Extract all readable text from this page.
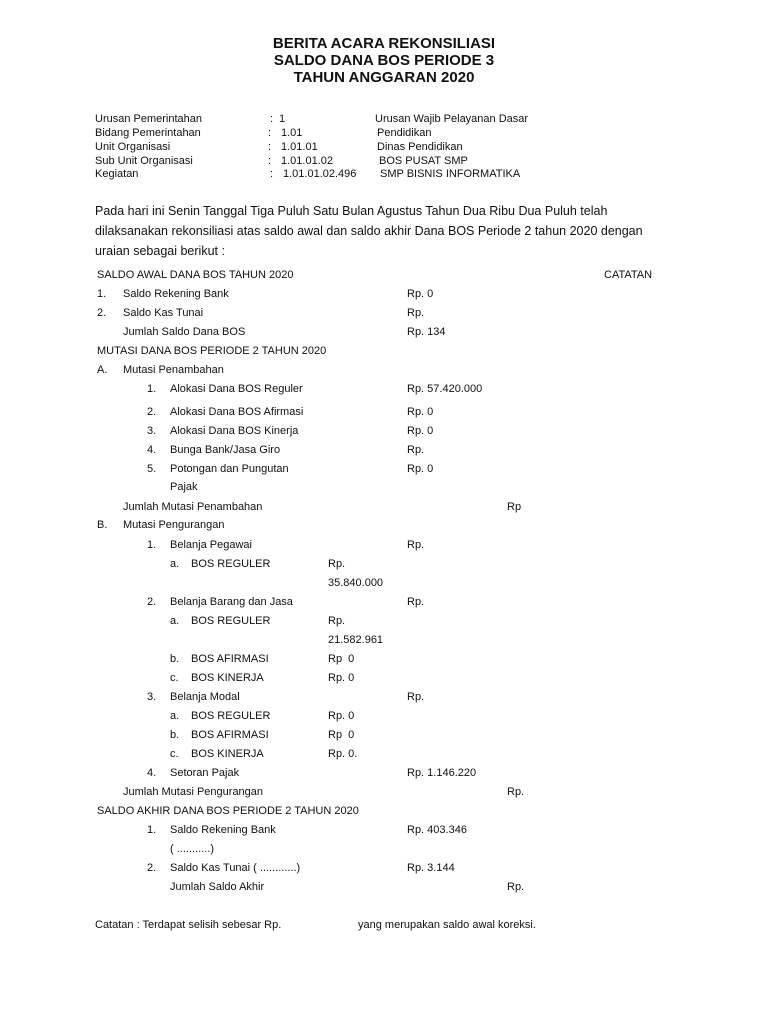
BERITA ACARA REKONSILIASI
SALDO DANA BOS PERIODE 3
TAHUN ANGGARAN 2020
Urusan Pemerintahan	: 1	Urusan Wajib Pelayanan Dasar
Bidang Pemerintahan	: 1.01	Pendidikan
Unit Organisasi	: 1.01.01	Dinas Pendidikan
Sub Unit Organisasi	: 1.01.01.02	BOS PUSAT SMP
Kegiatan	: 1.01.01.02.496 SMP BISNIS INFORMATIKA
Pada hari ini Senin Tanggal Tiga Puluh Satu Bulan Agustus Tahun Dua Ribu Dua Puluh telah dilaksanakan rekonsiliasi atas saldo awal dan saldo akhir Dana BOS Periode 2 tahun 2020 dengan uraian sebagai berikut :
SALDO AWAL DANA BOS TAHUN 2020	CATATAN
1. Saldo Rekening Bank	Rp. 0
2. Saldo Kas Tunai	Rp.
Jumlah Saldo Dana BOS	Rp. 134
MUTASI DANA BOS PERIODE 2 TAHUN 2020
A. Mutasi Penambahan
1. Alokasi Dana BOS Reguler	Rp. 57.420.000
2. Alokasi Dana BOS Afirmasi	Rp. 0
3. Alokasi Dana BOS Kinerja	Rp. 0
4. Bunga Bank/Jasa Giro	Rp.
5. Potongan dan Pungutan	Rp. 0
Pajak
Jumlah Mutasi Penambahan	Rp
B. Mutasi Pengurangan
1. Belanja Pegawai	Rp.
a. BOS REGULER	Rp.
35.840.000
2. Belanja Barang dan Jasa	Rp.
a. BOS REGULER	Rp.
21.582.961
b. BOS AFIRMASI	Rp  0
c. BOS KINERJA	Rp. 0
3. Belanja Modal	Rp.
a. BOS REGULER	Rp. 0
b. BOS AFIRMASI	Rp  0
c. BOS KINERJA	Rp. 0.
4. Setoran Pajak	Rp. 1.146.220
Jumlah Mutasi Pengurangan	Rp.
SALDO AKHIR DANA BOS PERIODE 2 TAHUN 2020
1. Saldo Rekening Bank	Rp. 403.346
( ...........)
2. Saldo Kas Tunai ( ............)	Rp. 3.144
Jumlah Saldo Akhir	Rp.
Catatan : Terdapat selisih sebesar Rp.	yang merupakan saldo awal koreksi.
